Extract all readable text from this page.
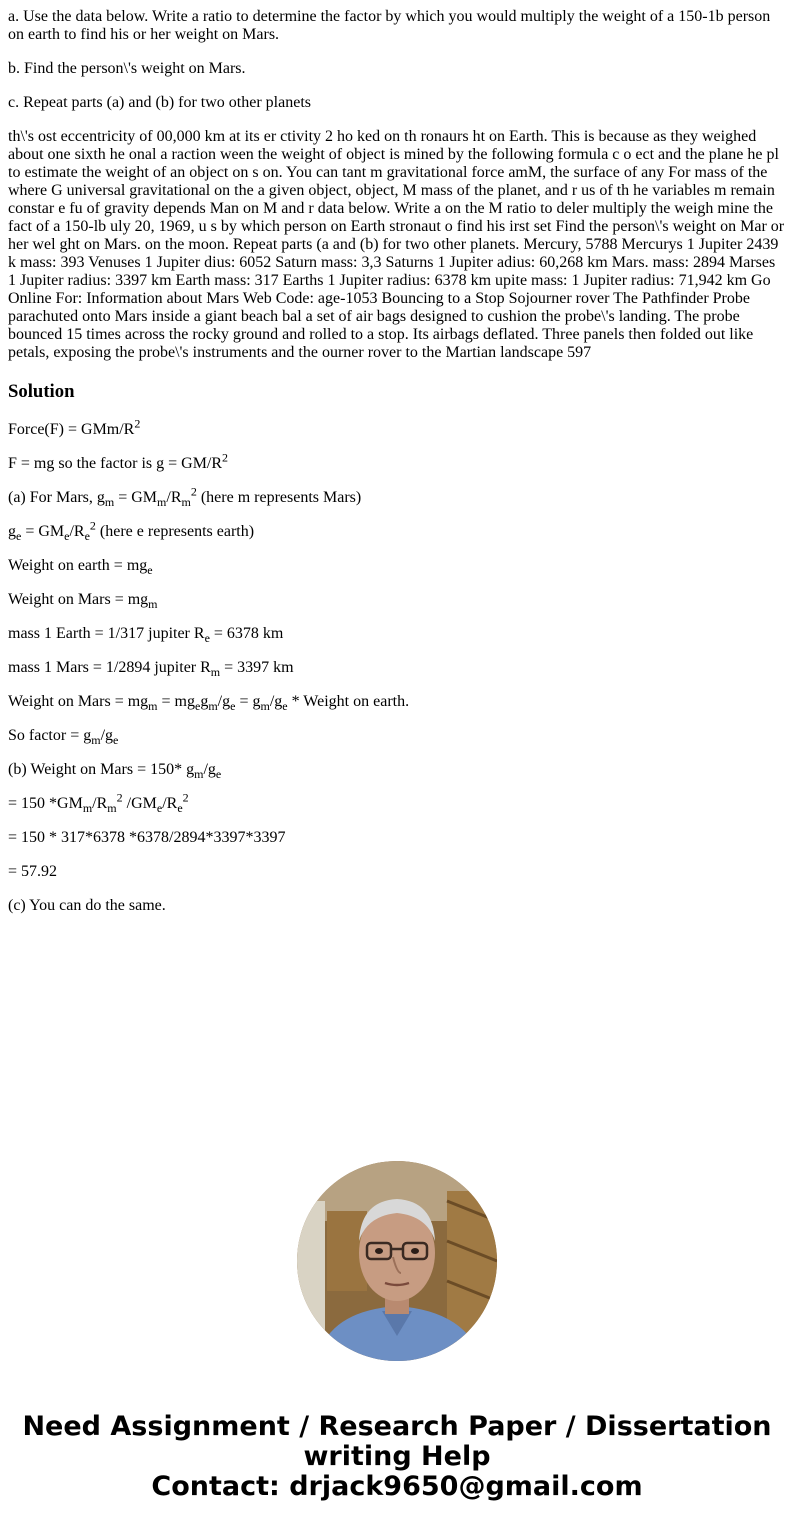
a. Use the data below. Write a ratio to determine the factor by which you would multiply the weight of a 150-1b person on earth to find his or her weight on Mars.

b. Find the person\'s weight on Mars.

c. Repeat parts (a) and (b) for two other planets

th\'s ost eccentricity of 00,000 km at its er ctivity 2 ho ked on th ronaurs ht on Earth. This is because as they weighed about one sixth he onal a raction ween the weight of object is mined by the following formula c o ect and the plane he pl to estimate the weight of an object on s on. You can tant m gravitational force amM, the surface of any For mass of the where G universal gravitational on the a given object, object, M mass of the planet, and r us of th he variables m remain constar e fu of gravity depends Man on M and r data below. Write a on the M ratio to deler multiply the weigh mine the fact of a 150-lb uly 20, 1969, u s by which person on Earth stronaut o find his irst set Find the person\'s weight on Mar or her wel ght on Mars. on the moon. Repeat parts (a and (b) for two other planets. Mercury, 5788 Mercurys 1 Jupiter 2439 k mass: 393 Venuses 1 Jupiter dius: 6052 Saturn mass: 3,3 Saturns 1 Jupiter adius: 60,268 km Mars. mass: 2894 Marses 1 Jupiter radius: 3397 km Earth mass: 317 Earths 1 Jupiter radius: 6378 km upite mass: 1 Jupiter radius: 71,942 km Go Online For: Information about Mars Web Code: age-1053 Bouncing to a Stop Sojourner rover The Pathfinder Probe parachuted onto Mars inside a giant beach bal a set of air bags designed to cushion the probe\'s landing. The probe bounced 15 times across the rocky ground and rolled to a stop. Its airbags deflated. Three panels then folded out like petals, exposing the probe\'s instruments and the ourner rover to the Martian landscape 597

Solution

Force(F) = GMm/$R^2$

F = mg so the factor is $g = GM/R^2$

(a) For Mars, $g_m = GM_m/R_m^2$ (here m represents Mars)

$g_e = GM_e/R_e^2$ (here e represents earth)

Weight on earth = $mg_e$

Weight on Mars = $mg_m$

mass 1 Earth = 1/317 jupiter $R_e = 6378$ km

mass 1 Mars = 1/2894 jupiter $R_m = 3397$ km

Weight on Mars = $mg_m = mg_eg_m/g_e = g_m/g_e$ * Weight on earth.

So factor = $g_m/g_e$

(b) Weight on Mars = 150* $g_m/g_e$

= 150 $*GM_m/R_m^2$ $/GM_e/R_e^2$

= 150 * 317*6378 *6378/2894*3397*3397

= 57.92

(c) You can do the same.

Need Assignment / Research Paper / Dissertation
writing Help
Contact: drjack9650@gmail.com
